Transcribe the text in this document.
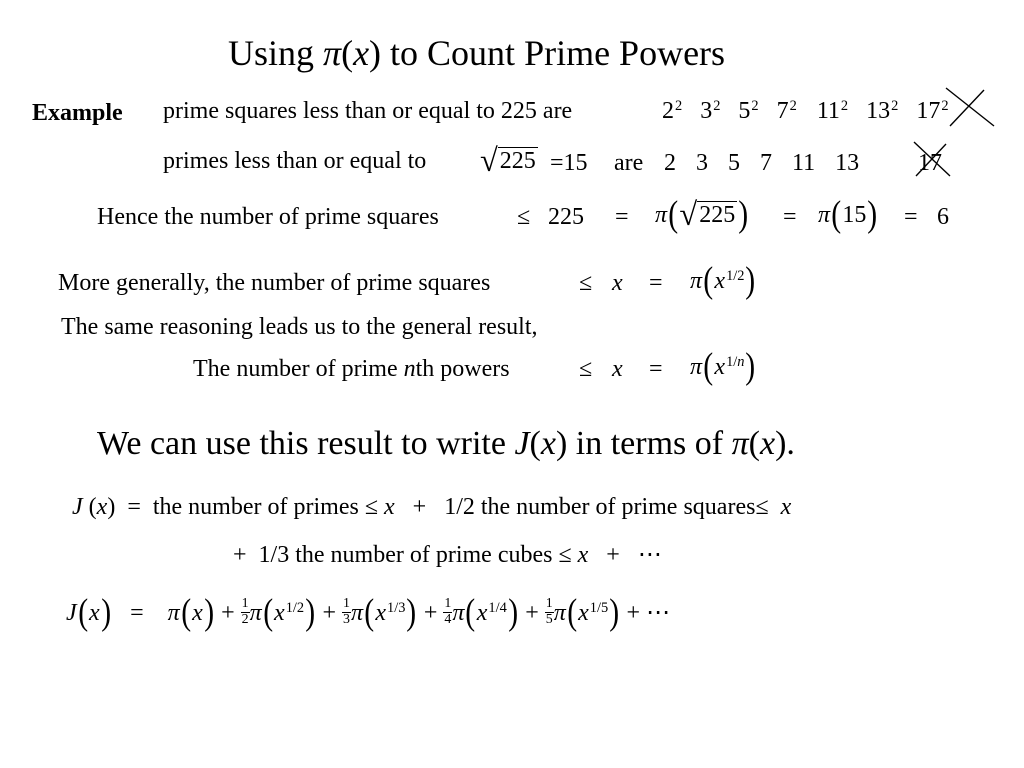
Using π(x) to Count Prime Powers
Example prime squares less than or equal to 225 are	$2^2$ $3^2$ $5^2$ $7^2$ $11^2$ $13^2$ $17^2$
primes less than or equal to √225 =15 are 2 3 5 7 11 13	17
Hence the number of prime squares	≤ 225 = π(√225) = π(15) = 6
More generally, the number of prime squares	≤ $x = \pi(x^{1/2})$
The same reasoning leads us to the general result,
The number of prime nth powers	≤ $x = \pi(x^{1/n})$
We can use this result to write J(x) in terms of π(x).
J (x)  = the number of primes ≤ x + 1/2 the number of prime squares≤ x
+ 1/3 the number of prime cubes ≤ x + ⋯
$J(x) = \pi(x) + \frac{1}{2} \pi(x^{1/2}) + \frac{1}{3} \pi(x^{1/3}) + \frac{1}{4} \pi(x^{1/4}) + \frac{1}{5} \pi(x^{1/5})$ + ⋯
